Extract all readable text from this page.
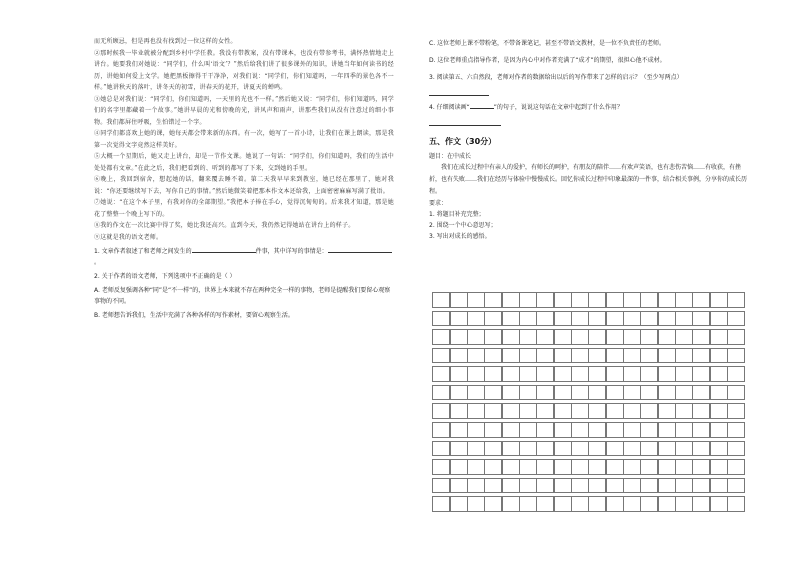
而无所顾忌，但是再也没有找到过一位这样的女性。

②那时候我一毕业就被分配到乡村中学任教。我没有带教案，没有带课本，也没有带参考书，满怀热情地走上讲台。她要我们对她说：“同学们，什么叫‘语文’？”然后给我们讲了很多课外的知识，讲她当年如何读书的经历，讲她如何爱上文学。她把黑板擦得干干净净，对我们说：“同学们，你们知道吗，一年四季的景色各不一样。”她讲秋天的落叶，讲冬天的初雪，讲春天的花开，讲夏天的蝉鸣。

③她总是对我们说：“同学们，你们知道吗，一天里的光也不一样。”然后她又说：“同学们，你们知道吗，同学们的名字里都藏着一个故事。”她讲早晨的光和傍晚的光，讲风声和雨声，讲那些我们从没有注意过的细小事物。我们都屏住呼吸，生怕错过一个字。

④同学们都喜欢上她的课，她每天都会带来新的东西。有一次，她写了一首小诗，让我们在课上朗读，那是我第一次觉得文字竟然这样美好。

⑤大概一个星期后，她又走上讲台，却是一节作文课。她说了一句话：“同学们，你们知道吗，我们的生活中处处都有文章。”在此之后，我们把看到的、听到的都写了下来，交到她的手里。

⑥晚上，我回到宿舍，想起她的话，翻来覆去睡不着。第二天我早早来到教室，她已经在那里了，她对我说：“你还要继续写下去，写你自己的事情。”然后她微笑着把那本作文本还给我，上面密密麻麻写满了批语。

⑦她说：“在这个本子里，有我对你的全部期望。”我把本子捧在手心，觉得沉甸甸的。后来我才知道，那是她花了整整一个晚上写下的。

⑧我的作文在一次比赛中得了奖，她比我还高兴。直到今天，我仍然记得她站在讲台上的样子。

⑨这就是我的语文老师。

1. 文章作者叙述了和老师之间发生的	件事，其中详写的事情是：。

2. 关于作者的语文老师，下列选项中不正确的是（ ）

A. 老师反复强调各种“同”是“不一样”的，世界上本来就不存在两种完全一样的事物，老师是提醒我们要留心观察事物的不同。

B. 老师想告诉我们，生活中充满了各种各样的写作素材，要留心观察生活。

C. 这位老师上课不带粉笔，不带备课笔记，甚至不带语文教材，是一位不负责任的老师。

D. 这位老师重点指导作者，是因为内心中对作者充满了“成才”的期望，很担心他不成材。

3. 阅读第五、六自然段，老师对作者的数据给出以后的写作带来了怎样的启示？（至少写两点）

4. 仔细阅读画“	”的句子，说说这句话在文章中起到了什么作用？

五、作文（30分）

题目：在中成长

我们在成长过程中有亲人的爱护，有师长的呵护，有朋友的陪伴……有欢声笑语，也有悲伤苦恼……有收获，有挫折，也有失败……我们在经历与体验中慢慢成长。回忆你成长过程中印象最深的一件事，结合相关事例，分享你的成长历程。

要求：

1. 将题目补充完整；

2. 围绕一个中心意思写；

3. 写出对成长的感悟。
